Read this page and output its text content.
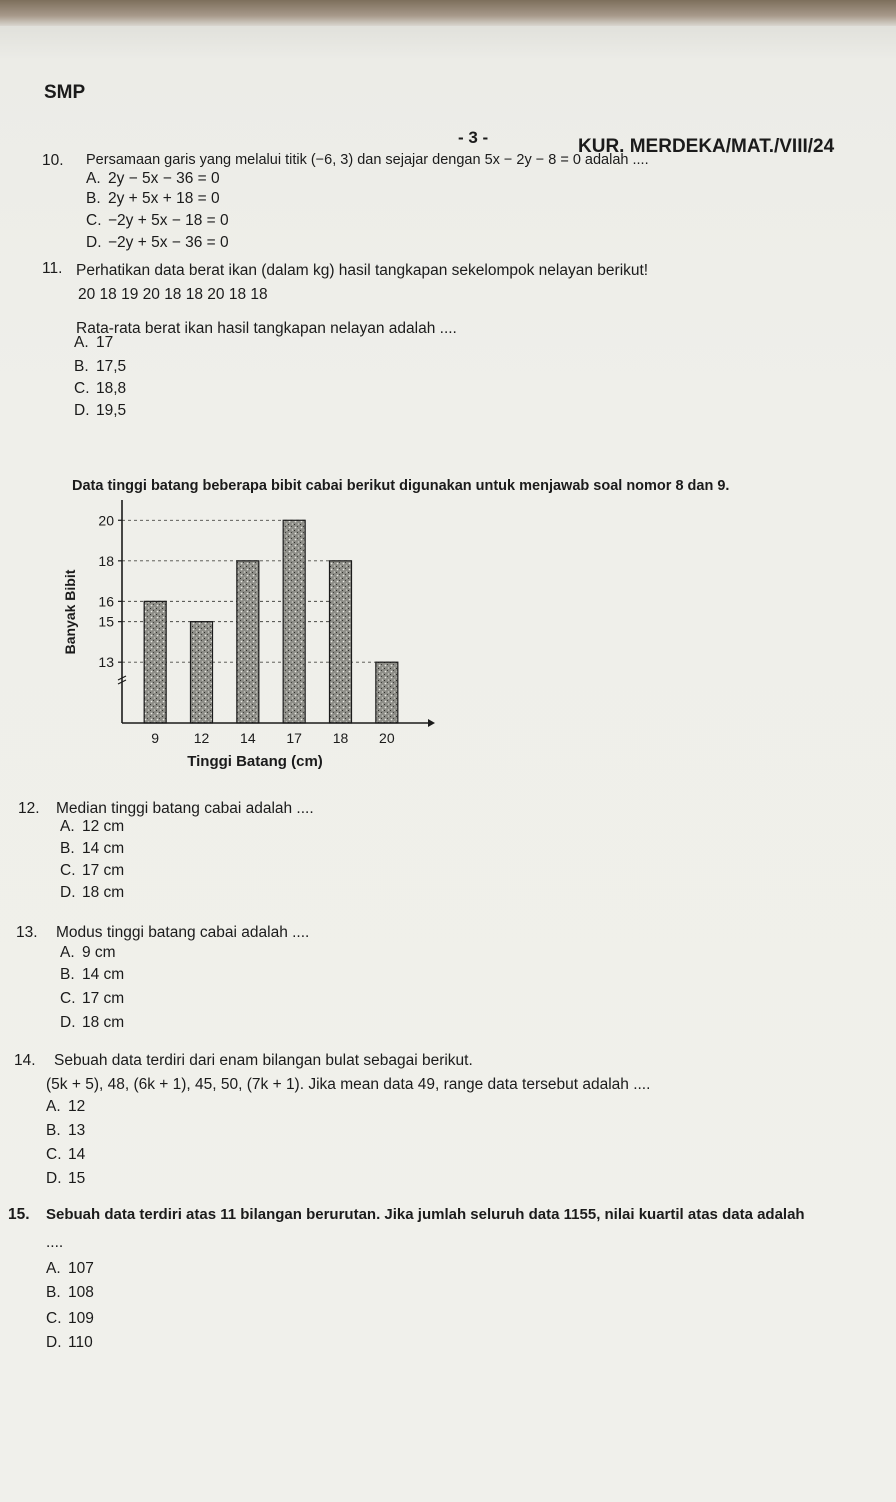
SMP
- 3 -	KUR. MERDEKA/MAT./VIII/24
10. Persamaan garis yang melalui titik (−6, 3) dan sejajar dengan 5x − 2y − 8 = 0 adalah ....
A. 2y − 5x − 36 = 0
B. 2y + 5x + 18 = 0
C. −2y + 5x − 18 = 0
D. −2y + 5x − 36 = 0
11. Perhatikan data berat ikan (dalam kg) hasil tangkapan sekelompok nelayan berikut!
20 18 19 20 18 18 20 18 18
Rata-rata berat ikan hasil tangkapan nelayan adalah ....
A. 17
B. 17,5
C. 18,8
D. 19,5
Data tinggi batang beberapa bibit cabai berikut digunakan untuk menjawab soal nomor 8 dan 9.
13
15
16
18
20
9 12 14 17 18 20
Banyak Bibit
Tinggi Batang (cm)
12. Median tinggi batang cabai adalah ....
A. 12 cm
B. 14 cm
C. 17 cm
D. 18 cm
13. Modus tinggi batang cabai adalah ....
A. 9 cm
B. 14 cm
C. 17 cm
D. 18 cm
14. Sebuah data terdiri dari enam bilangan bulat sebagai berikut.
(5k + 5), 48, (6k + 1), 45, 50, (7k + 1). Jika mean data 49, range data tersebut adalah ....
A. 12
B. 13
C. 14
D. 15
15. Sebuah data terdiri atas 11 bilangan berurutan. Jika jumlah seluruh data 1155, nilai kuartil atas data adalah
....
A. 107
B. 108
C. 109
D. 110
